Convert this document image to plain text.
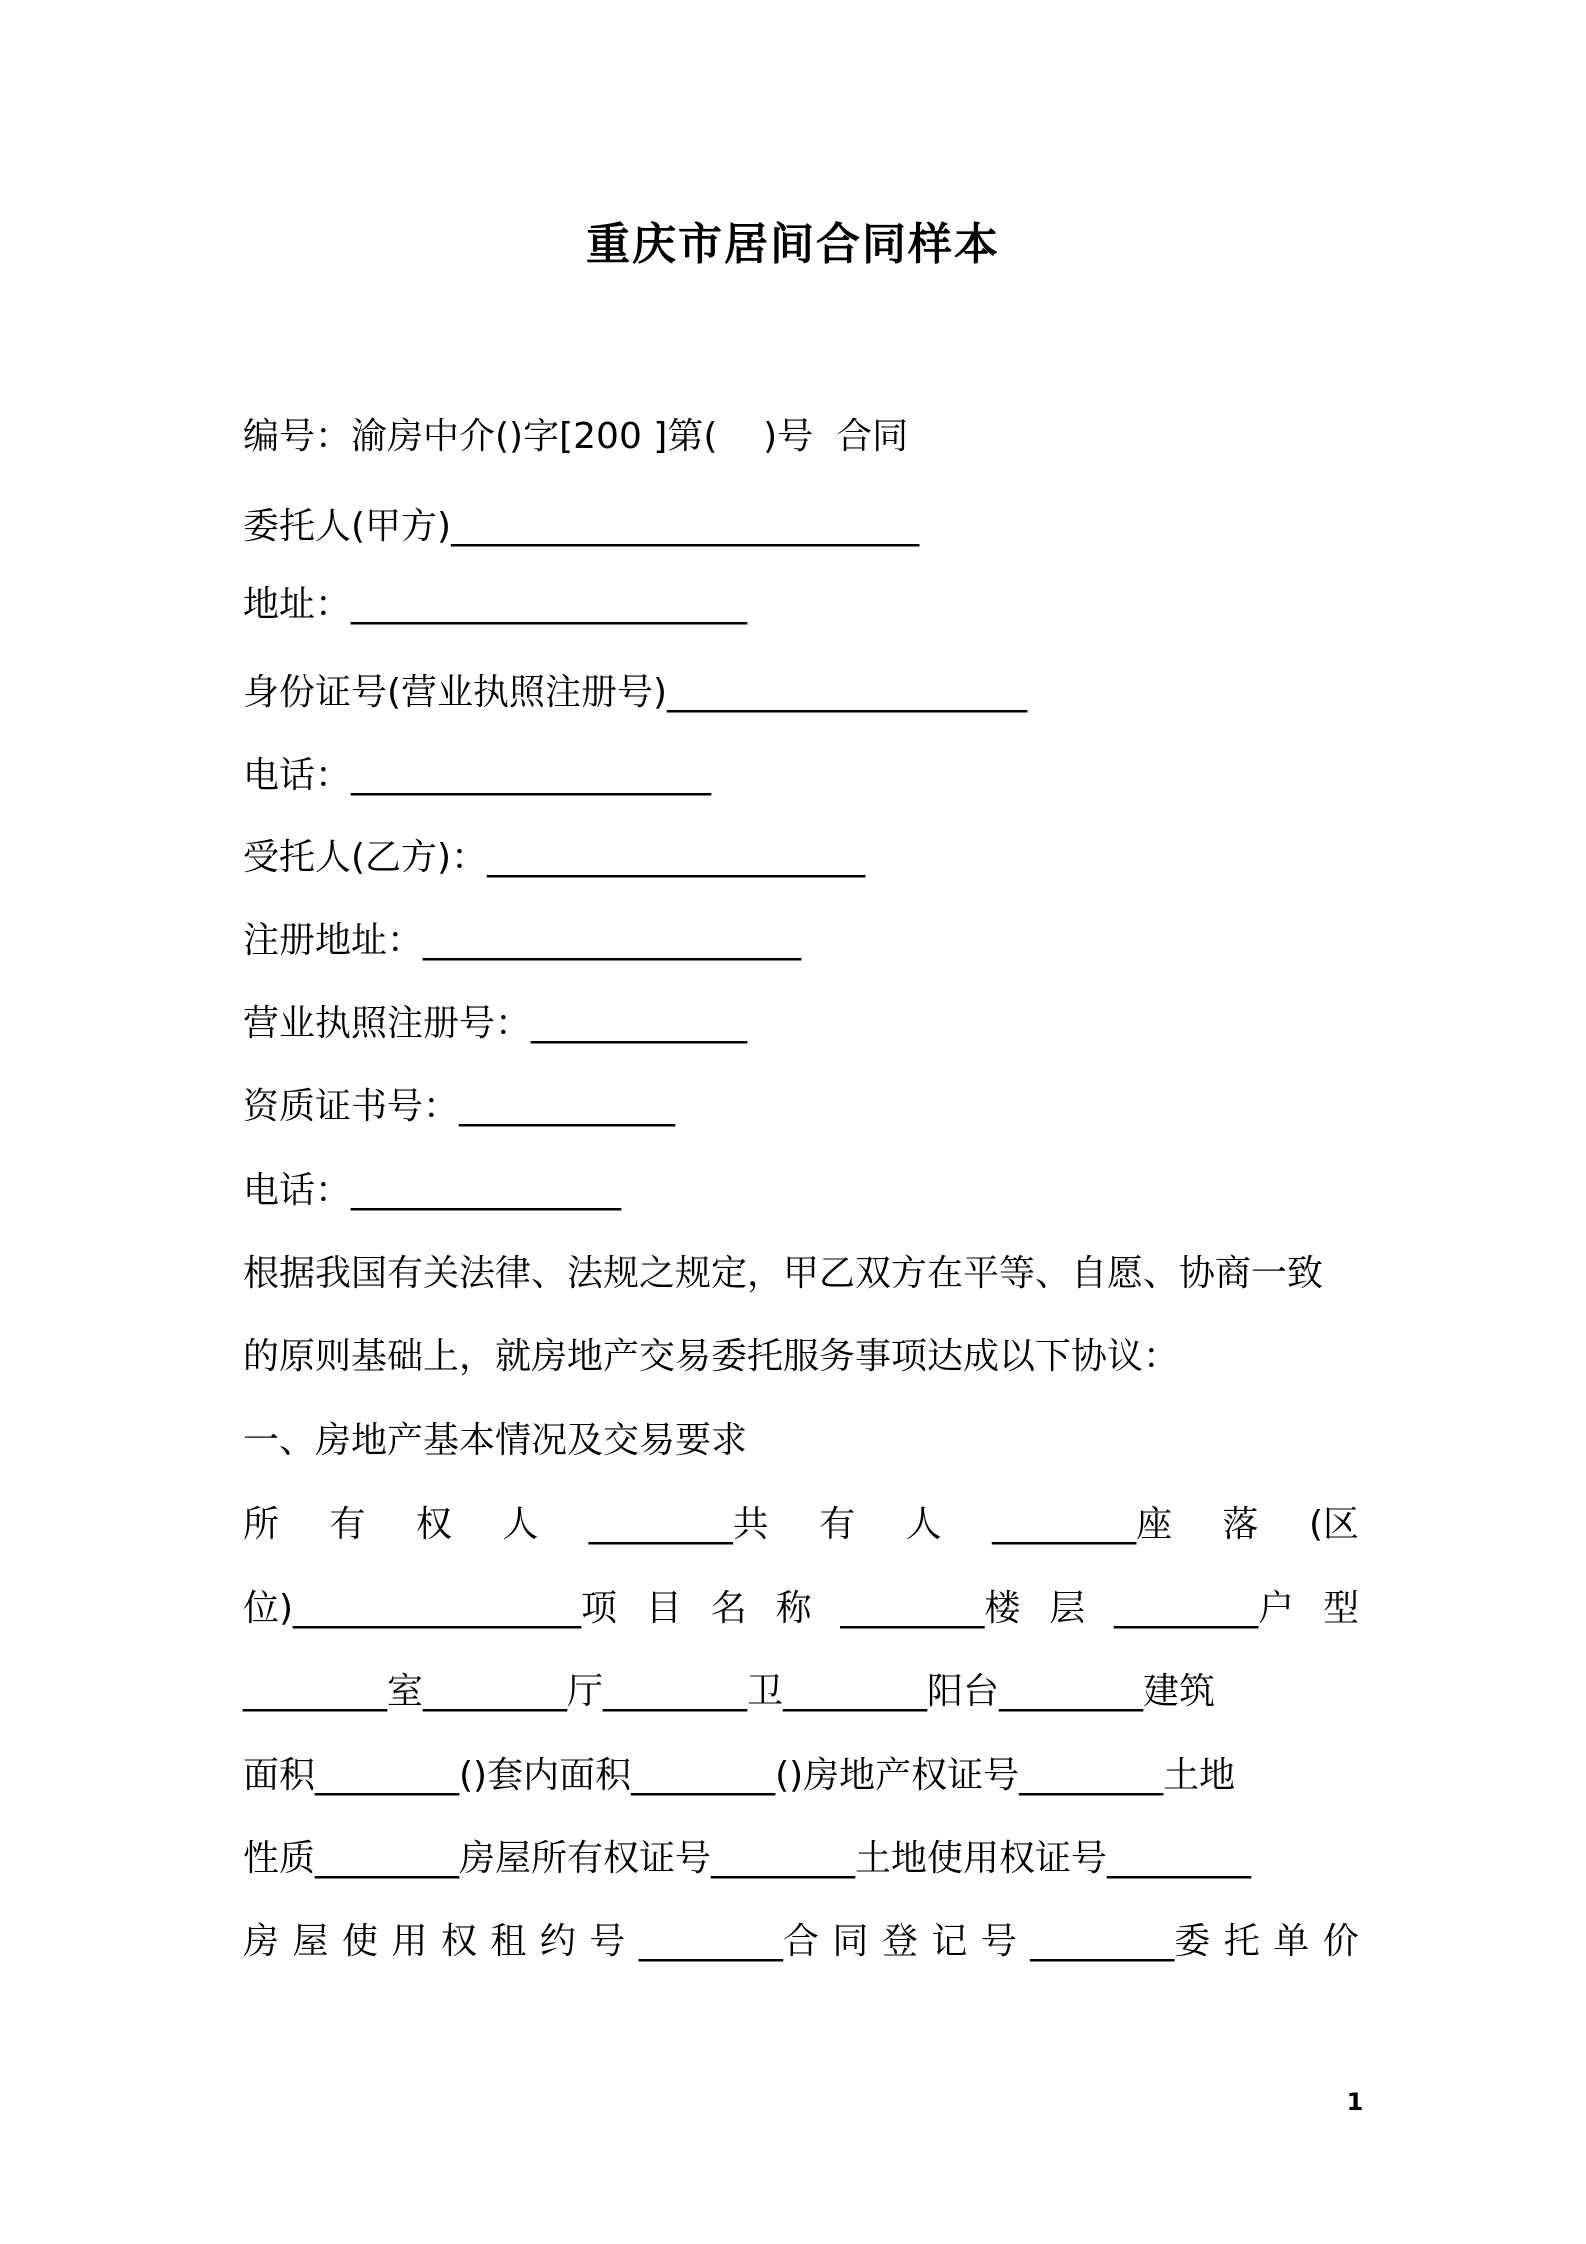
重庆市居间合同样本
编号：渝房中介()字[200 ]第(    )号  合同
委托人(甲方)__________________________
地址：______________________
身份证号(营业执照注册号)____________________
电话：____________________
受托人(乙方)：_____________________
注册地址：_____________________
营业执照注册号：____________
资质证书号：____________
电话：_______________
根据我国有关法律、法规之规定，甲乙双方在平等、自愿、协商一致
的原则基础上，就房地产交易委托服务事项达成以下协议：
一、房地产基本情况及交易要求
所 有 权 人 ________共 有 人 ________座 落 (区
位)________________项 目 名 称 ________楼 层 ________户 型
________室________厅________卫________阳台________建筑
面积________()套内面积________()房地产权证号________土地
性质________房屋所有权证号________土地使用权证号________
房 屋 使 用 权 租 约 号 ________合 同 登 记 号 ________委 托 单 价
1
